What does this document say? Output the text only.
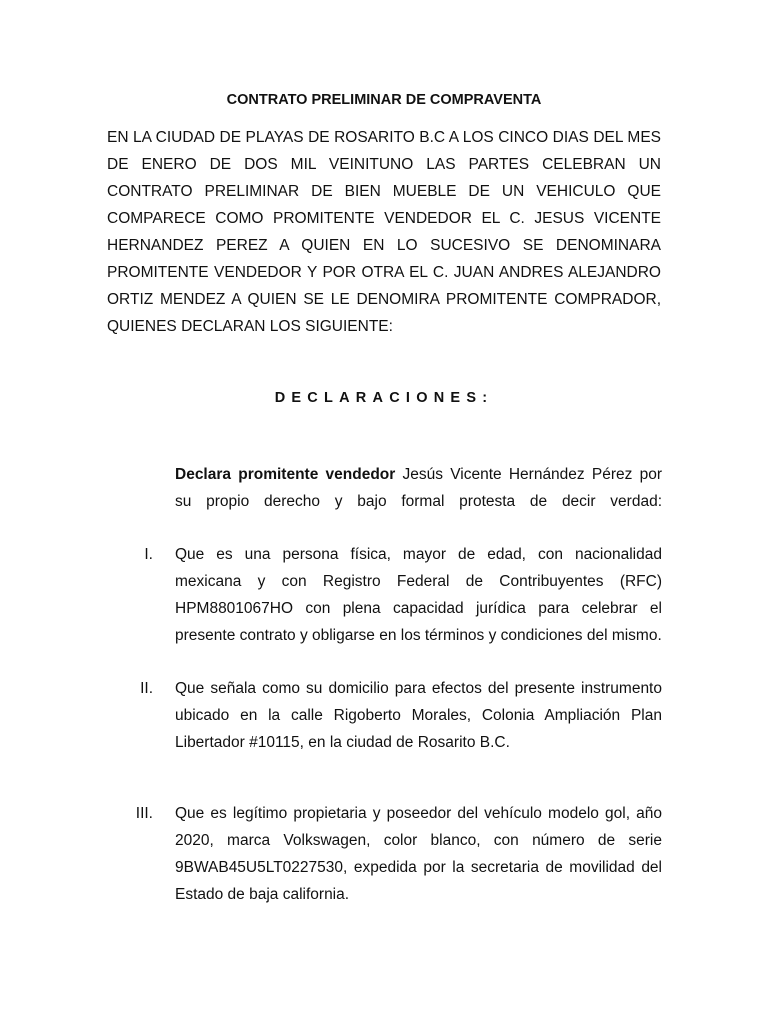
CONTRATO PRELIMINAR DE COMPRAVENTA
EN LA CIUDAD DE PLAYAS DE ROSARITO B.C A LOS CINCO DIAS DEL MES DE ENERO DE DOS MIL VEINITUNO LAS PARTES CELEBRAN UN CONTRATO PRELIMINAR DE BIEN MUEBLE DE UN VEHICULO QUE COMPARECE COMO PROMITENTE VENDEDOR EL C. JESUS VICENTE HERNANDEZ PEREZ A QUIEN EN LO SUCESIVO SE DENOMINARA PROMITENTE VENDEDOR Y POR OTRA EL C. JUAN ANDRES ALEJANDRO ORTIZ MENDEZ A QUIEN SE LE DENOMIRA PROMITENTE COMPRADOR, QUIENES DECLARAN LOS SIGUIENTE:
DECLARACIONES:
Declara promitente vendedor Jesús Vicente Hernández Pérez por su propio derecho y bajo formal protesta de decir verdad:
I. Que es una persona física, mayor de edad, con nacionalidad mexicana y con Registro Federal de Contribuyentes (RFC) HPM8801067HO con plena capacidad jurídica para celebrar el presente contrato y obligarse en los términos y condiciones del mismo.
II. Que señala como su domicilio para efectos del presente instrumento ubicado en la calle Rigoberto Morales, Colonia Ampliación Plan Libertador #10115, en la ciudad de Rosarito B.C.
III. Que es legítimo propietaria y poseedor del vehículo modelo gol, año 2020, marca Volkswagen, color blanco, con número de serie 9BWAB45U5LT0227530, expedida por la secretaria de movilidad del Estado de baja california.
